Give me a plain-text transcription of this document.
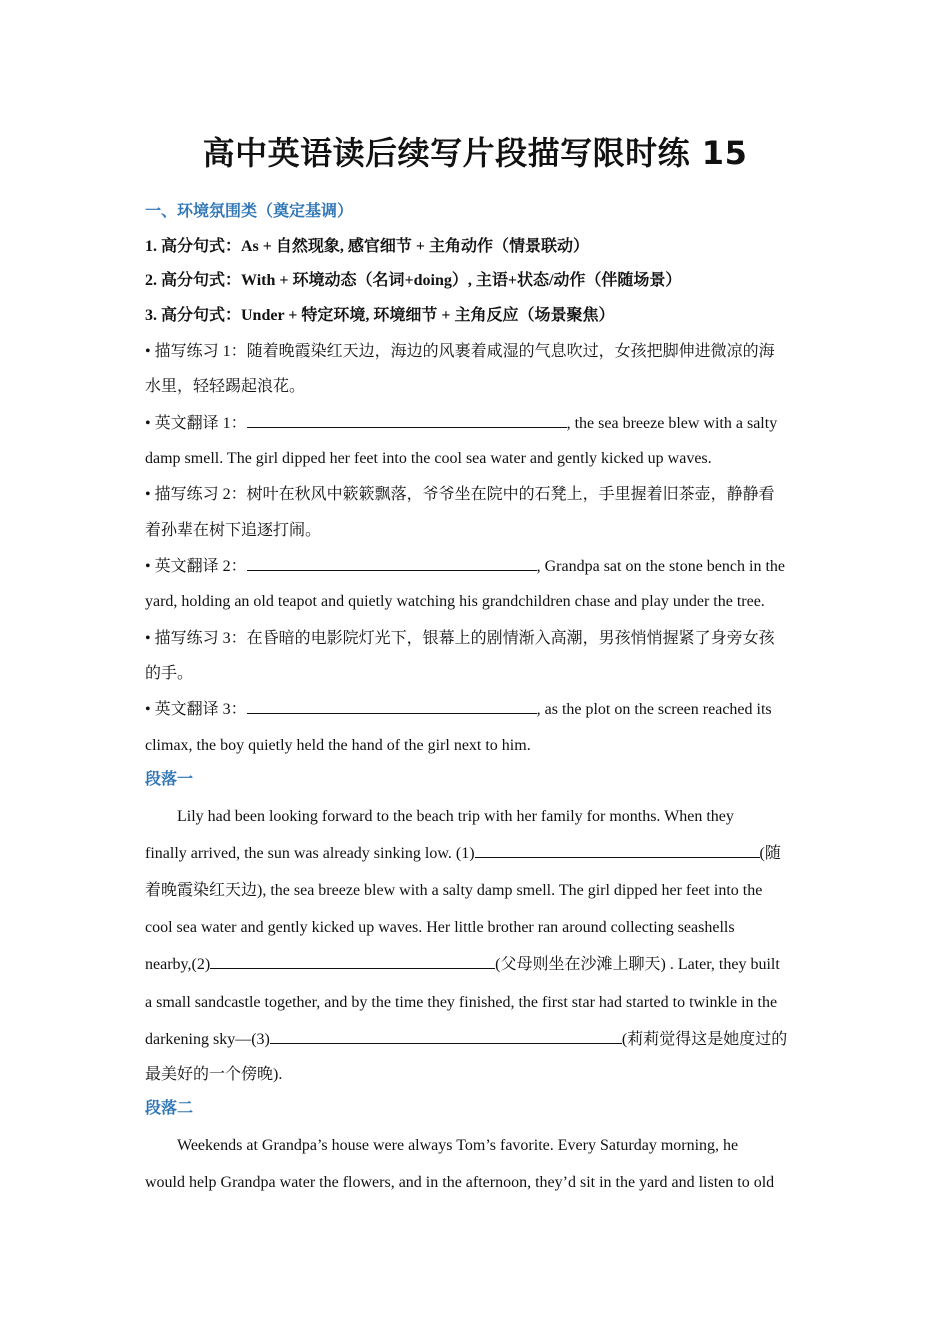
高中英语读后续写片段描写限时练 15
一、环境氛围类（奠定基调）
1. 高分句式：As + 自然现象, 感官细节 + 主角动作（情景联动）
2. 高分句式：With + 环境动态（名词+doing）, 主语+状态/动作（伴随场景）
3. 高分句式：Under + 特定环境, 环境细节 + 主角反应（场景聚焦）
• 描写练习 1：随着晚霞染红天边，海边的风裹着咸湿的气息吹过，女孩把脚伸进微凉的海
水里，轻轻踢起浪花。
• 英文翻译 1：	, the sea breeze blew with a salty
damp smell. The girl dipped her feet into the cool sea water and gently kicked up waves.
• 描写练习 2：树叶在秋风中簌簌飘落，爷爷坐在院中的石凳上，手里握着旧茶壶，静静看
着孙辈在树下追逐打闹。
• 英文翻译 2：	, Grandpa sat on the stone bench in the
yard, holding an old teapot and quietly watching his grandchildren chase and play under the tree.
• 描写练习 3：在昏暗的电影院灯光下，银幕上的剧情渐入高潮，男孩悄悄握紧了身旁女孩
的手。
• 英文翻译 3：	, as the plot on the screen reached its
climax, the boy quietly held the hand of the girl next to him.
段落一
Lily had been looking forward to the beach trip with her family for months. When they
finally arrived, the sun was already sinking low. (1)	(随
着晚霞染红天边), the sea breeze blew with a salty damp smell. The girl dipped her feet into the
cool sea water and gently kicked up waves. Her little brother ran around collecting seashells
nearby,(2)	(父母则坐在沙滩上聊天) . Later, they built
a small sandcastle together, and by the time they finished, the first star had started to twinkle in the
darkening sky—(3)	(莉莉觉得这是她度过的
最美好的一个傍晚).
段落二
Weekends at Grandpa’s house were always Tom’s favorite. Every Saturday morning, he
would help Grandpa water the flowers, and in the afternoon, they’d sit in the yard and listen to old
